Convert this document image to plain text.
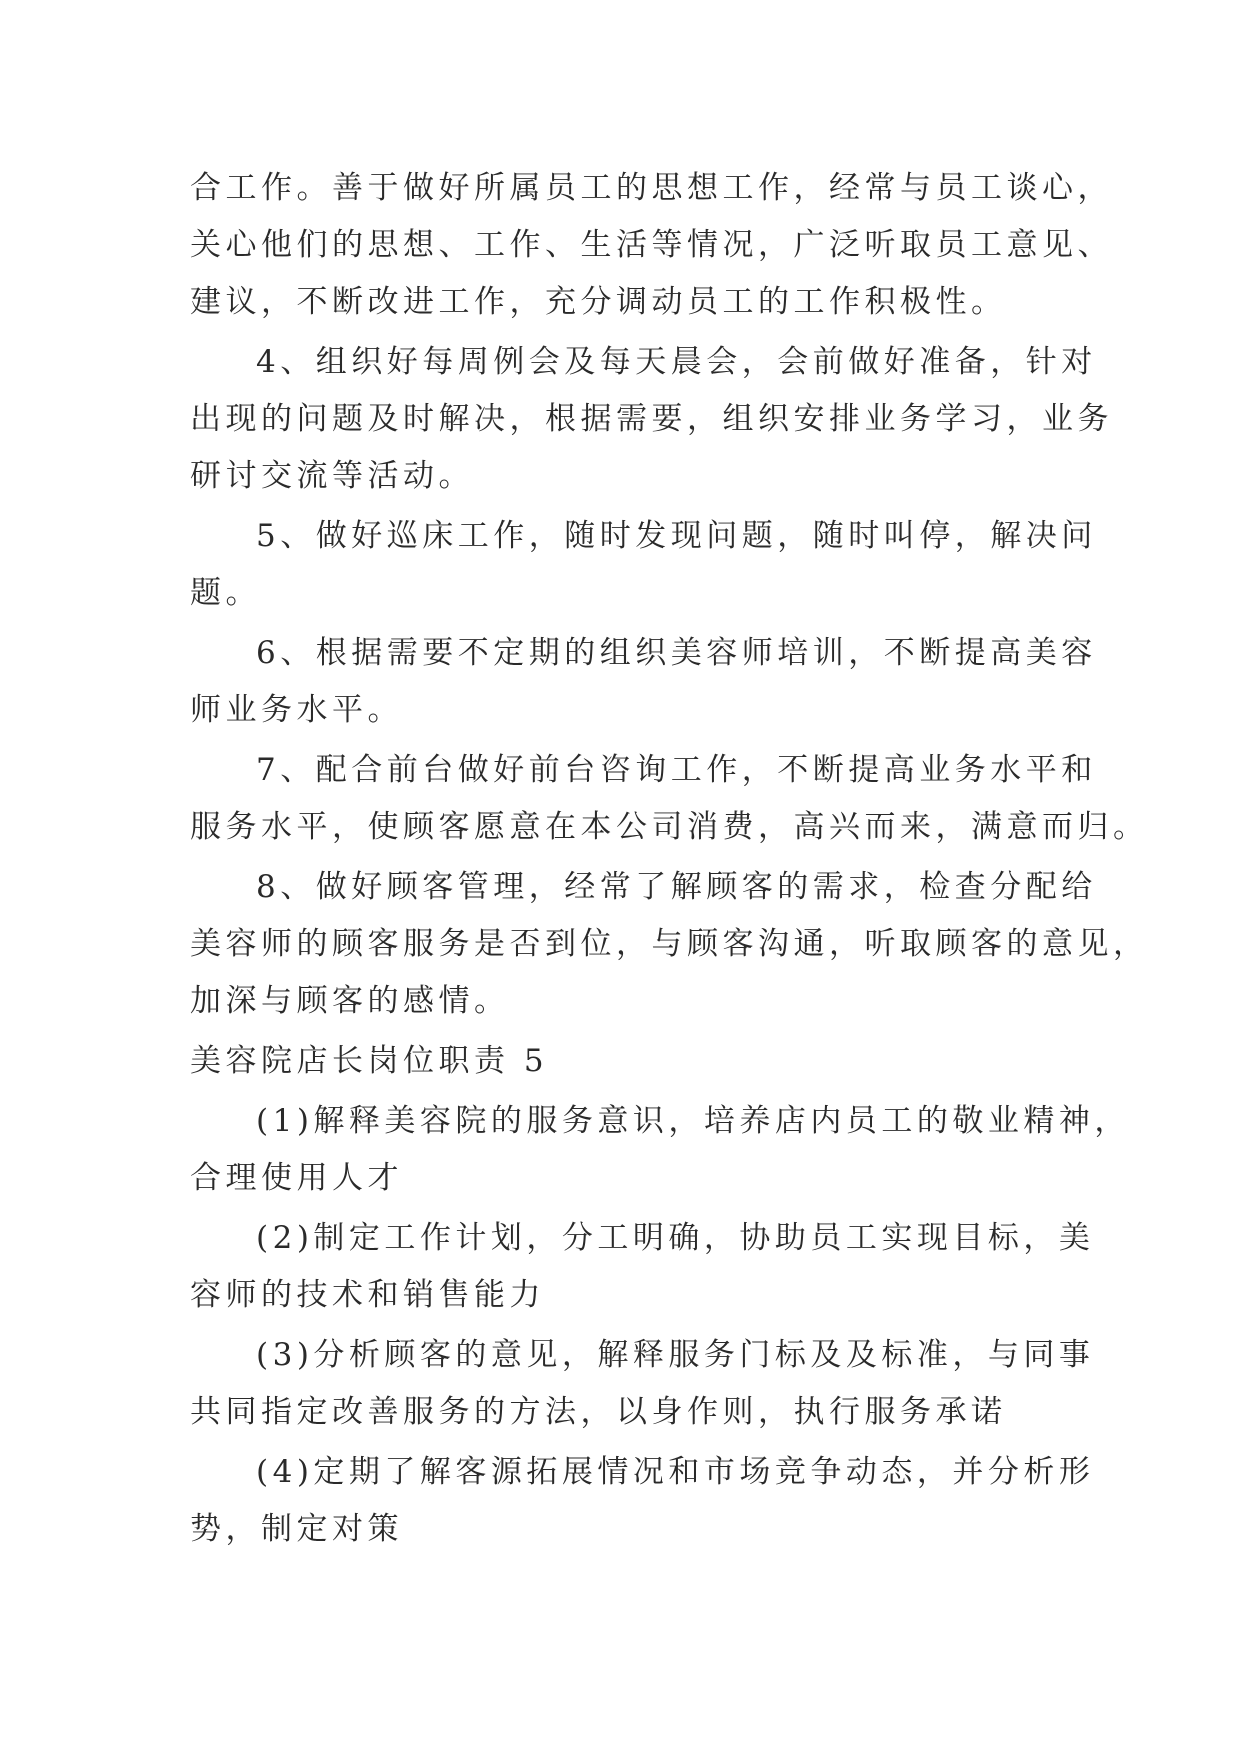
合工作。善于做好所属员工的思想工作，经常与员工谈心，
关心他们的思想、工作、生活等情况，广泛听取员工意见、
建议，不断改进工作，充分调动员工的工作积极性。
4、组织好每周例会及每天晨会，会前做好准备，针对
出现的问题及时解决，根据需要，组织安排业务学习，业务
研讨交流等活动。
5、做好巡床工作，随时发现问题，随时叫停，解决问
题。
6、根据需要不定期的组织美容师培训，不断提高美容
师业务水平。
7、配合前台做好前台咨询工作，不断提高业务水平和
服务水平，使顾客愿意在本公司消费，高兴而来，满意而归。
8、做好顾客管理，经常了解顾客的需求，检查分配给
美容师的顾客服务是否到位，与顾客沟通，听取顾客的意见，
加深与顾客的感情。
美容院店长岗位职责 5
(1)解释美容院的服务意识，培养店内员工的敬业精神，
合理使用人才
(2)制定工作计划，分工明确，协助员工实现目标，美
容师的技术和销售能力
(3)分析顾客的意见，解释服务门标及及标准，与同事
共同指定改善服务的方法，以身作则，执行服务承诺
(4)定期了解客源拓展情况和市场竞争动态，并分析形
势，制定对策
